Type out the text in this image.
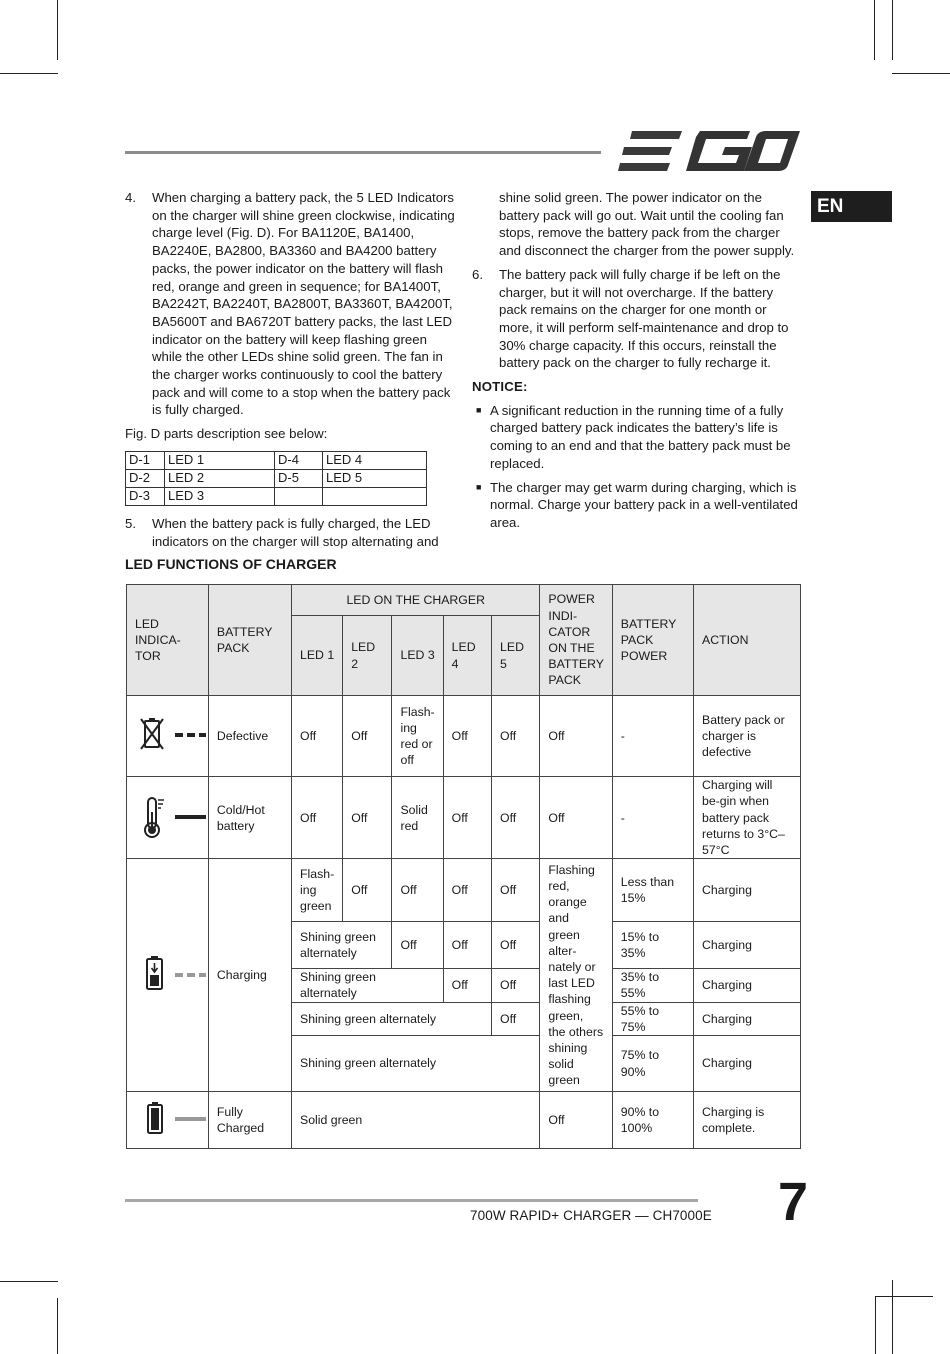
EN
4.	When charging a battery pack, the 5 LED Indicators on the charger will shine green clockwise, indicating charge level (Fig. D). For BA1120E, BA1400, BA2240E, BA2800, BA3360 and BA4200 battery packs, the power indicator on the battery will flash red, orange and green in sequence; for BA1400T, BA2242T, BA2240T, BA2800T, BA3360T, BA4200T, BA5600T and BA6720T battery packs, the last LED indicator on the battery will keep flashing green while the other LEDs shine solid green. The fan in the charger works continuously to cool the battery pack and will come to a stop when the battery pack is fully charged.

Fig. D parts description see below:

D-1	LED 1	D-4	LED 4
D-2	LED 2	D-5	LED 5
D-3	LED 3		
5.	When the battery pack is fully charged, the LED indicators on the charger will stop alternating and
shine solid green. The power indicator on the battery pack will go out. Wait until the cooling fan stops, remove the battery pack from the charger and disconnect the charger from the power supply.
6.	The battery pack will fully charge if be left on the charger, but it will not overcharge. If the battery pack remains on the charger for one month or more, it will perform self-maintenance and drop to 30% charge capacity. If this occurs, reinstall the battery pack on the charger to fully recharge it.

NOTICE:

■ A significant reduction in the running time of a fully charged battery pack indicates the battery’s life is coming to an end and that the battery pack must be replaced.
■ The charger may get warm during charging, which is normal. Charge your battery pack in a well-ventilated area.
LED FUNCTIONS OF CHARGER
LED INDICA-TOR	BATTERY PACK	LED ON THE CHARGER					POWER INDI-CATOR ON THE BATTERY PACK	BATTERY PACK POWER	ACTION
		LED 1	LED 2	LED 3	LED 4	LED 5			
	Defective	Off	Off	Flash-ing red or off	Off	Off	Off	-	Battery pack or charger is defective
	Cold/Hot battery	Off	Off	Solid red	Off	Off	Off	-	Charging will be-gin when battery pack returns to 3°C–57°C
	Charging	Flash-ing green	Off	Off	Off	Off	Flashing red, orange and green alter-nately or last LED flashing green, the others shining solid green	Less than 15%	Charging
		Shining green alternately		Off	Off	Off		15% to 35%	Charging
		Shining green alternately			Off	Off		35% to 55%	Charging
		Shining green alternately				Off		55% to 75%	Charging
		Shining green alternately						75% to 90%	Charging
	Fully Charged	Solid green					Off	90% to 100%	Charging is complete.
700W RAPID+ CHARGER — CH7000E 7
